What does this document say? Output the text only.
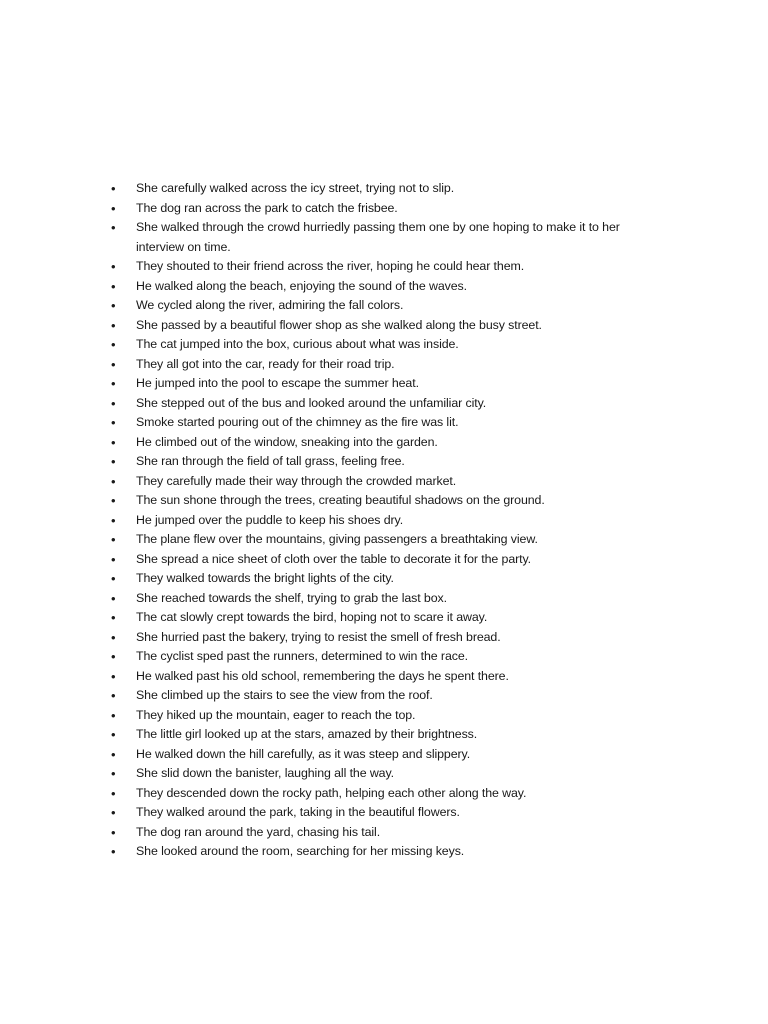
• She carefully walked across the icy street, trying not to slip.
• The dog ran across the park to catch the frisbee.
• She walked through the crowd hurriedly passing them one by one hoping to make it to her interview on time.
• They shouted to their friend across the river, hoping he could hear them.
• He walked along the beach, enjoying the sound of the waves.
• We cycled along the river, admiring the fall colors.
• She passed by a beautiful flower shop as she walked along the busy street.
• The cat jumped into the box, curious about what was inside.
• They all got into the car, ready for their road trip.
• He jumped into the pool to escape the summer heat.
• She stepped out of the bus and looked around the unfamiliar city.
• Smoke started pouring out of the chimney as the fire was lit.
• He climbed out of the window, sneaking into the garden.
• She ran through the field of tall grass, feeling free.
• They carefully made their way through the crowded market.
• The sun shone through the trees, creating beautiful shadows on the ground.
• He jumped over the puddle to keep his shoes dry.
• The plane flew over the mountains, giving passengers a breathtaking view.
• She spread a nice sheet of cloth over the table to decorate it for the party.
• They walked towards the bright lights of the city.
• She reached towards the shelf, trying to grab the last box.
• The cat slowly crept towards the bird, hoping not to scare it away.
• She hurried past the bakery, trying to resist the smell of fresh bread.
• The cyclist sped past the runners, determined to win the race.
• He walked past his old school, remembering the days he spent there.
• She climbed up the stairs to see the view from the roof.
• They hiked up the mountain, eager to reach the top.
• The little girl looked up at the stars, amazed by their brightness.
• He walked down the hill carefully, as it was steep and slippery.
• She slid down the banister, laughing all the way.
• They descended down the rocky path, helping each other along the way.
• They walked around the park, taking in the beautiful flowers.
• The dog ran around the yard, chasing his tail.
• She looked around the room, searching for her missing keys.
